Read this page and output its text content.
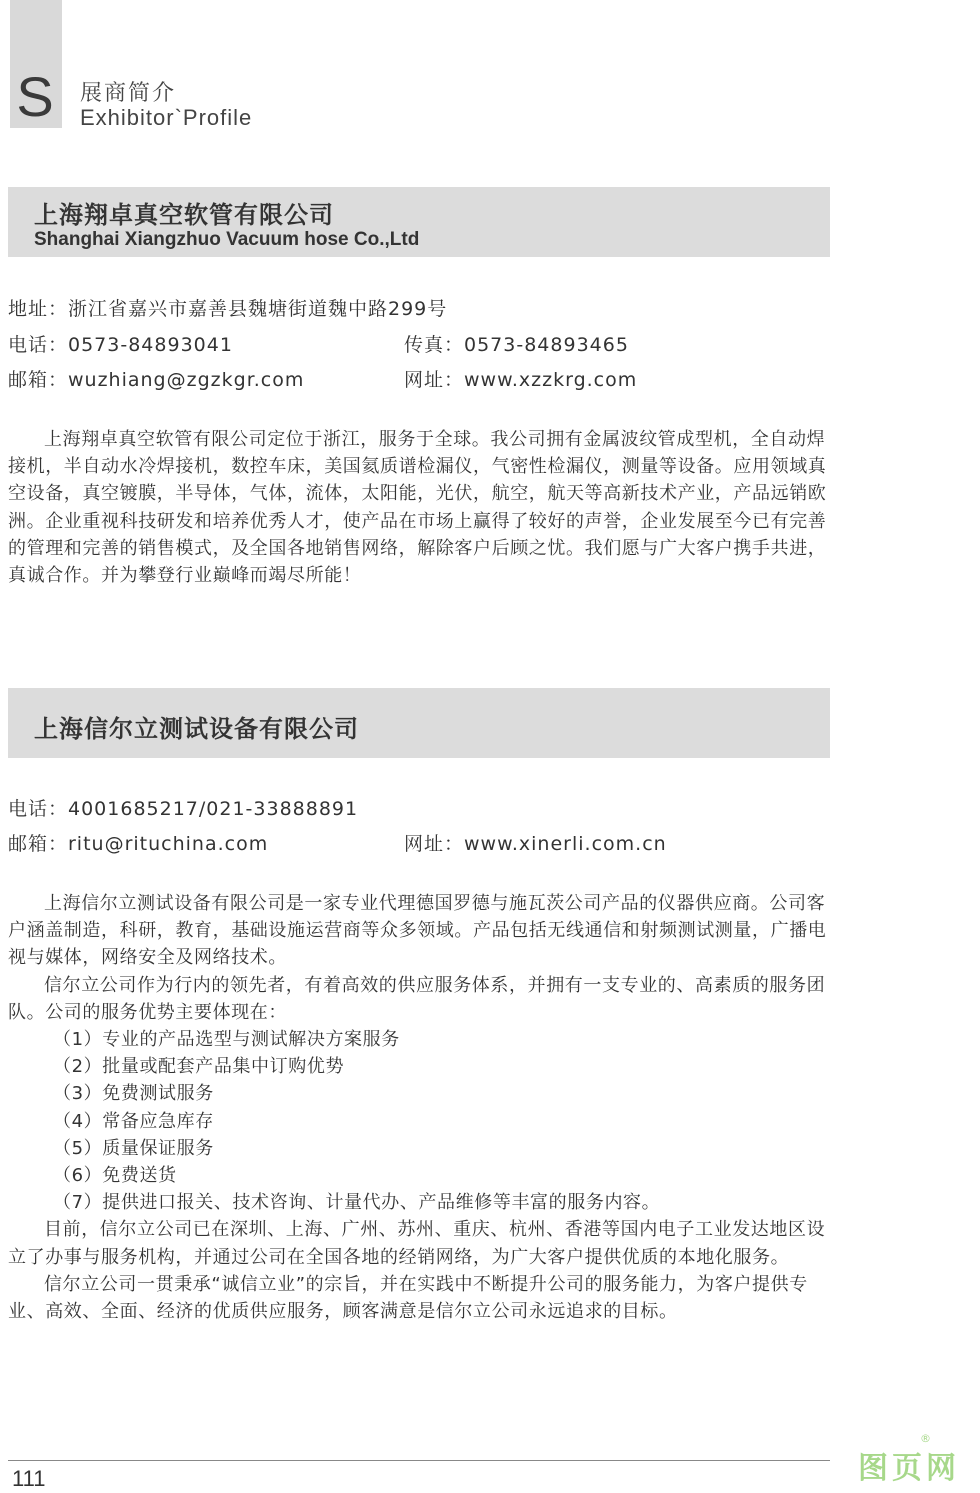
S 展商简介
Exhibitor`Profile
上海翔卓真空软管有限公司
Shanghai Xiangzhuo Vacuum hose Co.,Ltd
地址：浙江省嘉兴市嘉善县魏塘街道魏中路299号
电话：0573-84893041	传真：0573-84893465
邮箱：wuzhiang@zgzkgr.com	网址：www.xzzkrg.com

上海翔卓真空软管有限公司定位于浙江，服务于全球。我公司拥有金属波纹管成型机，全自动焊接机，半自动水冷焊接机，数控车床，美国氦质谱检漏仪，气密性检漏仪，测量等设备。应用领域真空设备，真空镀膜，半导体，气体，流体，太阳能，光伏，航空，航天等高新技术产业，产品远销欧洲。企业重视科技研发和培养优秀人才，使产品在市场上赢得了较好的声誉，企业发展至今已有完善的管理和完善的销售模式，及全国各地销售网络，解除客户后顾之忧。我们愿与广大客户携手共进，真诚合作。并为攀登行业巅峰而竭尽所能！

上海信尔立测试设备有限公司
电话：4001685217/021-33888891
邮箱：ritu@rituchina.com	网址：www.xinerli.com.cn

上海信尔立测试设备有限公司是一家专业代理德国罗德与施瓦茨公司产品的仪器供应商。公司客户涵盖制造，科研，教育，基础设施运营商等众多领域。产品包括无线通信和射频测试测量，广播电视与媒体，网络安全及网络技术。

信尔立公司作为行内的领先者，有着高效的供应服务体系，并拥有一支专业的、高素质的服务团队。公司的服务优势主要体现在：

（1）专业的产品选型与测试解决方案服务

（2）批量或配套产品集中订购优势

（3）免费测试服务

（4）常备应急库存

（5）质量保证服务

（6）免费送货

（7）提供进口报关、技术咨询、计量代办、产品维修等丰富的服务内容。

目前，信尔立公司已在深圳、上海、广州、苏州、重庆、杭州、香港等国内电子工业发达地区设立了办事与服务机构，并通过公司在全国各地的经销网络，为广大客户提供优质的本地化服务。

信尔立公司一贯秉承“诚信立业”的宗旨，并在实践中不断提升公司的服务能力，为客户提供专业、高效、全面、经济的优质供应服务，顾客满意是信尔立公司永远追求的目标。

111	图页网
®
